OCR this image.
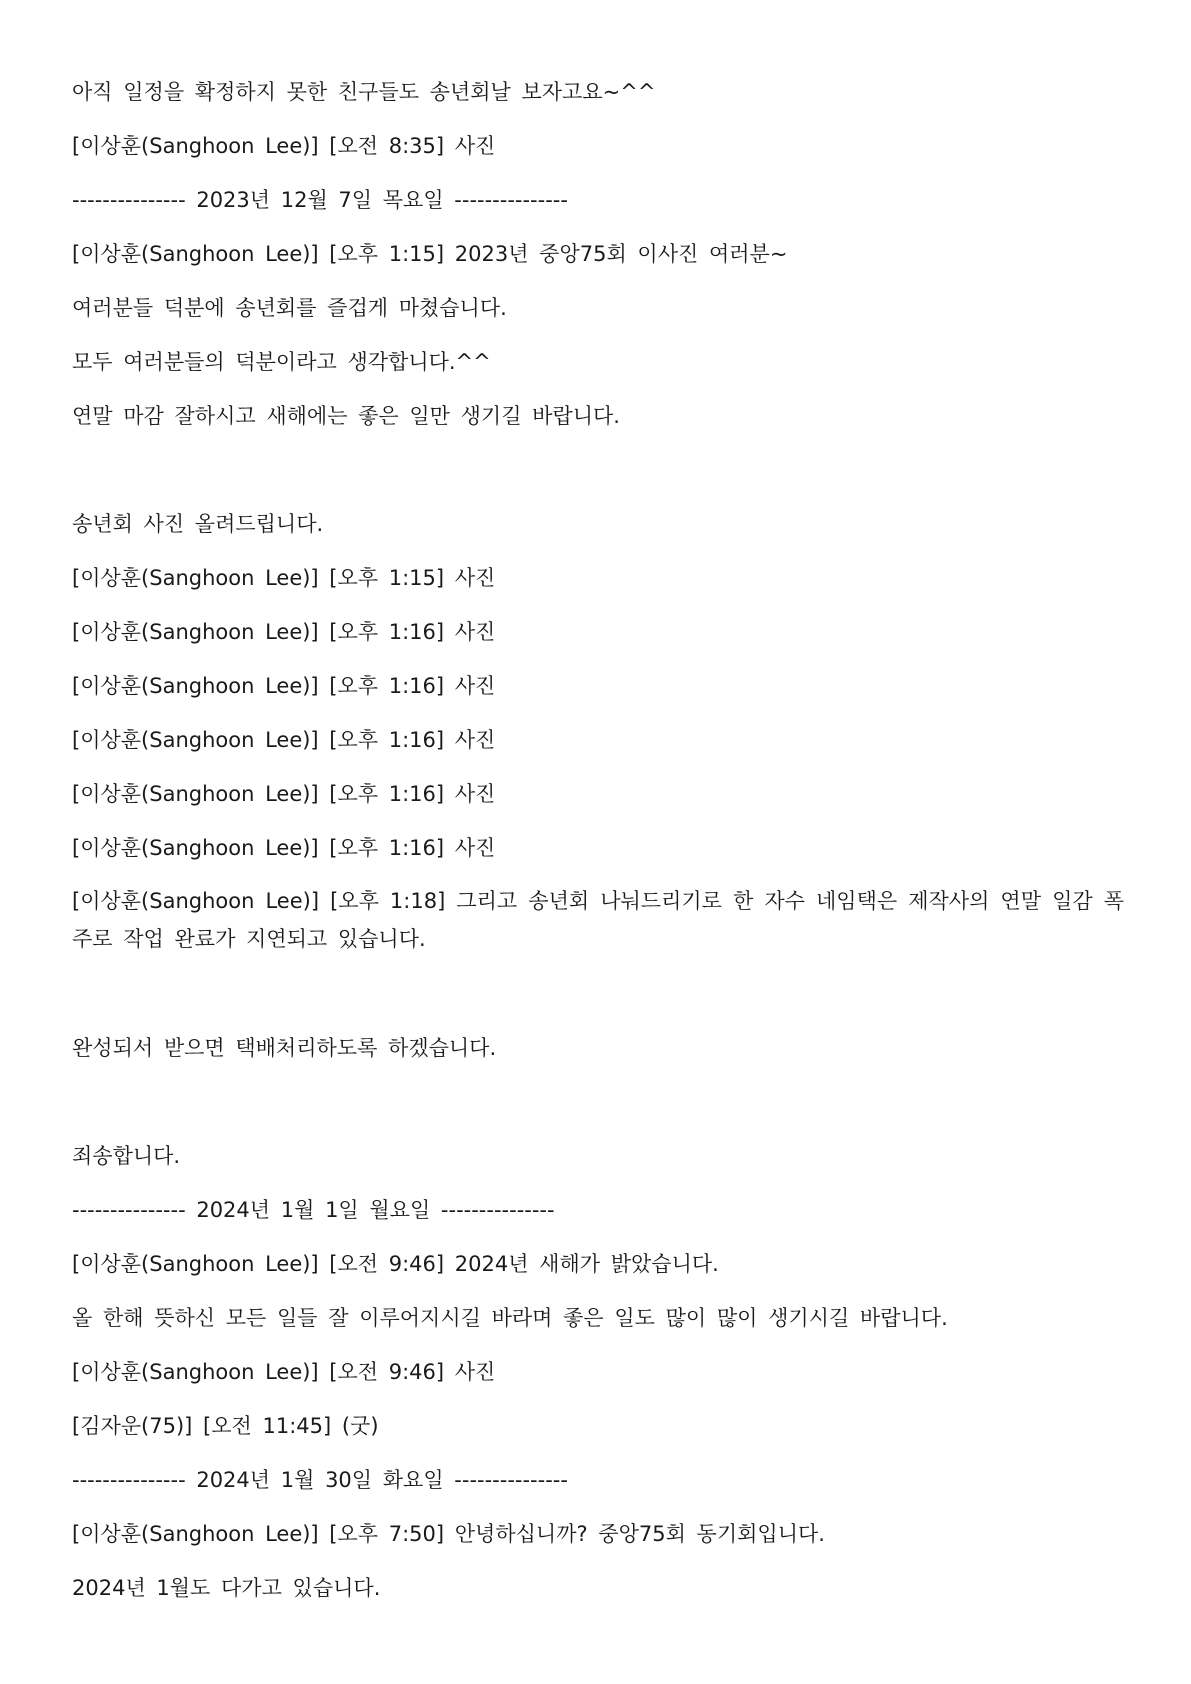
아직 일정을 확정하지 못한 친구들도 송년회날 보자고요~^^

[이상훈(Sanghoon Lee)] [오전 8:35] 사진

--------------- 2023년 12월 7일 목요일 ---------------

[이상훈(Sanghoon Lee)] [오후 1:15] 2023년 중앙75회 이사진 여러분~

여러분들 덕분에 송년회를 즐겁게 마쳤습니다.

모두 여러분들의 덕분이라고 생각합니다.^^

연말 마감 잘하시고 새해에는 좋은 일만 생기길 바랍니다.

송년회 사진 올려드립니다.

[이상훈(Sanghoon Lee)] [오후 1:15] 사진

[이상훈(Sanghoon Lee)] [오후 1:16] 사진

[이상훈(Sanghoon Lee)] [오후 1:16] 사진

[이상훈(Sanghoon Lee)] [오후 1:16] 사진

[이상훈(Sanghoon Lee)] [오후 1:16] 사진

[이상훈(Sanghoon Lee)] [오후 1:16] 사진

[이상훈(Sanghoon Lee)] [오후 1:18] 그리고 송년회 나눠드리기로 한 자수 네임택은 제작사의 연말 일감 폭주로 작업 완료가 지연되고 있습니다.

완성되서 받으면 택배처리하도록 하겠습니다.

죄송합니다.

--------------- 2024년 1월 1일 월요일 ---------------

[이상훈(Sanghoon Lee)] [오전 9:46] 2024년 새해가 밝았습니다.

올 한해 뜻하신 모든 일들 잘 이루어지시길 바라며 좋은 일도 많이 많이 생기시길 바랍니다.

[이상훈(Sanghoon Lee)] [오전 9:46] 사진

[김자운(75)] [오전 11:45] (굿)

--------------- 2024년 1월 30일 화요일 ---------------

[이상훈(Sanghoon Lee)] [오후 7:50] 안녕하십니까? 중앙75회 동기회입니다.

2024년 1월도 다가고 있습니다.
